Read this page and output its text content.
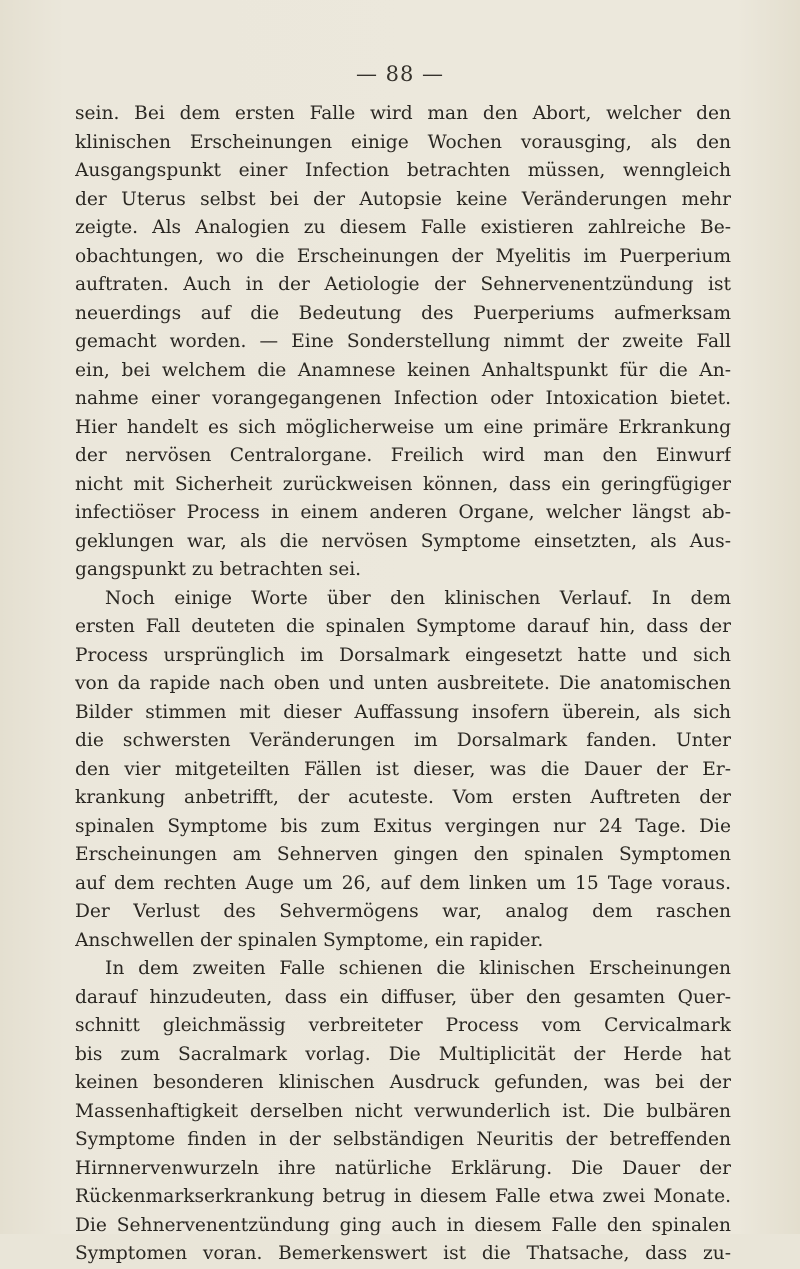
— 88 —
sein. Bei dem ersten Falle wird man den Abort, welcher den
klinischen Erscheinungen einige Wochen vorausging, als den
Ausgangspunkt einer Infection betrachten müssen, wenngleich
der Uterus selbst bei der Autopsie keine Veränderungen mehr
zeigte. Als Analogien zu diesem Falle existieren zahlreiche Be-
obachtungen, wo die Erscheinungen der Myelitis im Puerperium
auftraten. Auch in der Aetiologie der Sehnervenentzündung ist
neuerdings auf die Bedeutung des Puerperiums aufmerksam
gemacht worden. — Eine Sonderstellung nimmt der zweite Fall
ein, bei welchem die Anamnese keinen Anhaltspunkt für die An-
nahme einer vorangegangenen Infection oder Intoxication bietet.
Hier handelt es sich möglicherweise um eine primäre Erkrankung
der nervösen Centralorgane. Freilich wird man den Einwurf
nicht mit Sicherheit zurückweisen können, dass ein geringfügiger
infectiöser Process in einem anderen Organe, welcher längst ab-
geklungen war, als die nervösen Symptome einsetzten, als Aus-
gangspunkt zu betrachten sei.
Noch einige Worte über den klinischen Verlauf. In dem
ersten Fall deuteten die spinalen Symptome darauf hin, dass der
Process ursprünglich im Dorsalmark eingesetzt hatte und sich
von da rapide nach oben und unten ausbreitete. Die anatomischen
Bilder stimmen mit dieser Auffassung insofern überein, als sich
die schwersten Veränderungen im Dorsalmark fanden. Unter
den vier mitgeteilten Fällen ist dieser, was die Dauer der Er-
krankung anbetrifft, der acuteste. Vom ersten Auftreten der
spinalen Symptome bis zum Exitus vergingen nur 24 Tage. Die
Erscheinungen am Sehnerven gingen den spinalen Symptomen
auf dem rechten Auge um 26, auf dem linken um 15 Tage voraus.
Der Verlust des Sehvermögens war, analog dem raschen
Anschwellen der spinalen Symptome, ein rapider.
In dem zweiten Falle schienen die klinischen Erscheinungen
darauf hinzudeuten, dass ein diffuser, über den gesamten Quer-
schnitt gleichmässig verbreiteter Process vom Cervicalmark
bis zum Sacralmark vorlag. Die Multiplicität der Herde hat
keinen besonderen klinischen Ausdruck gefunden, was bei der
Massenhaftigkeit derselben nicht verwunderlich ist. Die bulbären
Symptome finden in der selbständigen Neuritis der betreffenden
Hirnnervenwurzeln ihre natürliche Erklärung. Die Dauer der
Rückenmarkserkrankung betrug in diesem Falle etwa zwei Monate.
Die Sehnervenentzündung ging auch in diesem Falle den spinalen
Symptomen voran. Bemerkenswert ist die Thatsache, dass zu-
